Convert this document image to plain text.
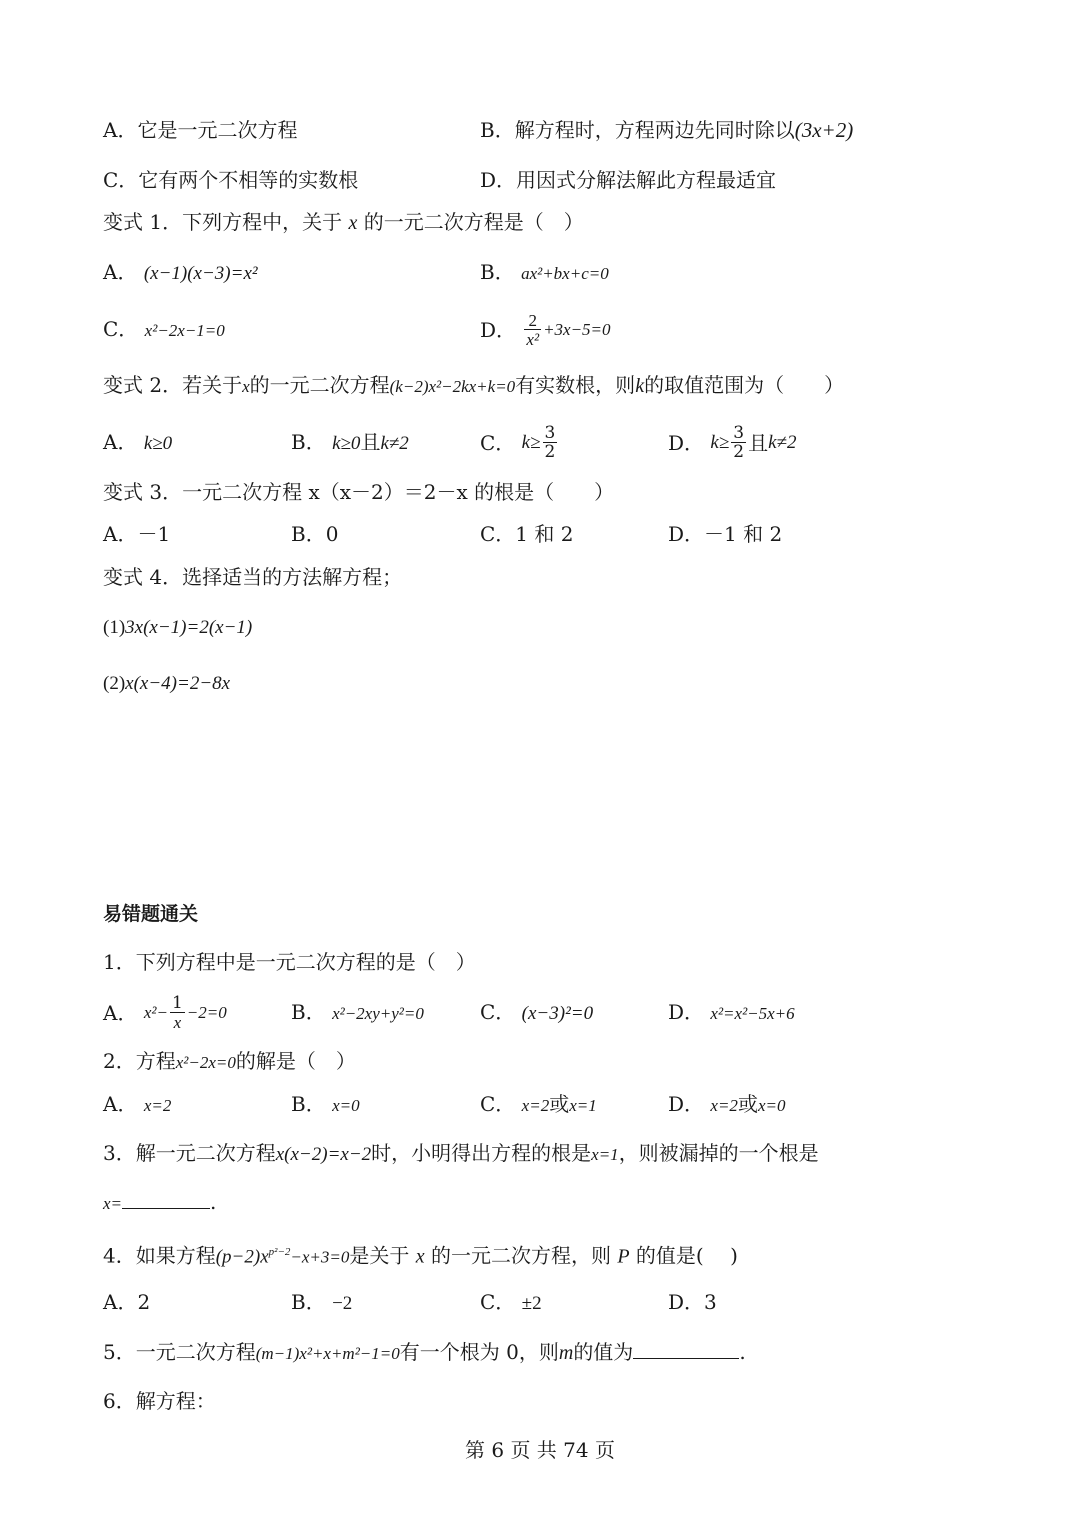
A．它是一元二次方程	B．解方程时，方程两边先同时除以(3x+2)
C．它有两个不相等的实数根	D．用因式分解法解此方程最适宜
变式 1．下列方程中，关于 x 的一元二次方程是（　）
A． (x−1)(x−3)=x²	B． ax²+bx+c=0
C． x²−2x−1=0	D．
$\frac{2}{\text{x²}} +3x-5=0$
变式 2．若关于x的一元二次方程(k−2)x²−2kx+k=0有实数根，则k的取值范围为（　　）
A． k≥0	B． k≥0且k≠2	C．
$k\ge \frac{3}{2}$	D．
$k\ge \frac{3}{2}$ 且 k≠2
变式 3．一元二次方程 x（x－2）＝2－x 的根是（　　）
A．－1	B．0	C．1 和 2	D．－1 和 2
变式 4．选择适当的方法解方程；
(1)3x(x−1)=2(x−1)
(2)x(x−4)=2−8x
易错题通关
1．下列方程中是一元二次方程的是（　）
A．
$x^2- \frac{1}{x} -2=0$	B． x²−2xy+y²=0	C． (x−3)²=0	D． x²=x²−5x+6
2．方程x²−2x=0的解是（　）
A． x=2	B． x=0	C． x=2或x=1	D． x=2或x=0
3．解一元二次方程x(x−2)=x−2时，小明得出方程的根是x=1，则被漏掉的一个根是
x=	.
4．如果方程$(p-2)x^{p^2-2}-x+3=0$是关于 x 的一元二次方程，则 P 的值是(　 )
A．2	B． −2	C． ±2	D．3
5．一元二次方程(m−1)x²+x+m²−1=0有一个根为 0，则m的值为	.
6．解方程：
第 6 页 共 74 页
